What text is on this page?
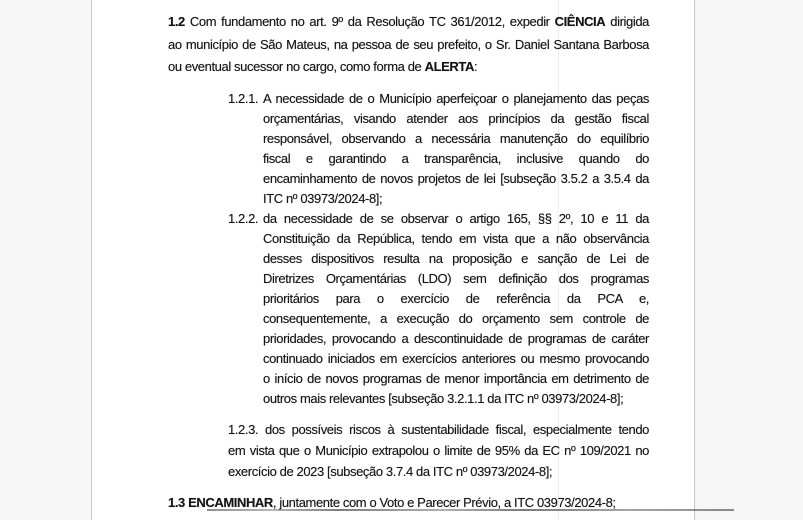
1.2 Com fundamento no art. 9º da Resolução TC 361/2012, expedir CIÊNCIA dirigida
ao município de São Mateus, na pessoa de seu prefeito, o Sr. Daniel Santana Barbosa
ou eventual sucessor no cargo, como forma de ALERTA:
1.2.1. A necessidade de o Município aperfeiçoar o planejamento das peças
orçamentárias, visando atender aos princípios da gestão fiscal
responsável, observando a necessária manutenção do equilíbrio
fiscal e garantindo a transparência, inclusive quando do
encaminhamento de novos projetos de lei [subseção 3.5.2 a 3.5.4 da
ITC nº 03973/2024-8];
1.2.2. da necessidade de se observar o artigo 165, §§ 2º, 10 e 11 da
Constituição da República, tendo em vista que a não observância
desses dispositivos resulta na proposição e sanção de Lei de
Diretrizes Orçamentárias (LDO) sem definição dos programas
prioritários para o exercício de referência da PCA e,
consequentemente, a execução do orçamento sem controle de
prioridades, provocando a descontinuidade de programas de caráter
continuado iniciados em exercícios anteriores ou mesmo provocando
o início de novos programas de menor importância em detrimento de
outros mais relevantes [subseção 3.2.1.1 da ITC nº 03973/2024-8];
1.2.3. dos possíveis riscos à sustentabilidade fiscal, especialmente tendo
em vista que o Município extrapolou o limite de 95% da EC nº 109/2021 no
exercício de 2023 [subseção 3.7.4 da ITC nº 03973/2024-8];
1.3 ENCAMINHAR, juntamente com o Voto e Parecer Prévio, a ITC 03973/2024-8;
